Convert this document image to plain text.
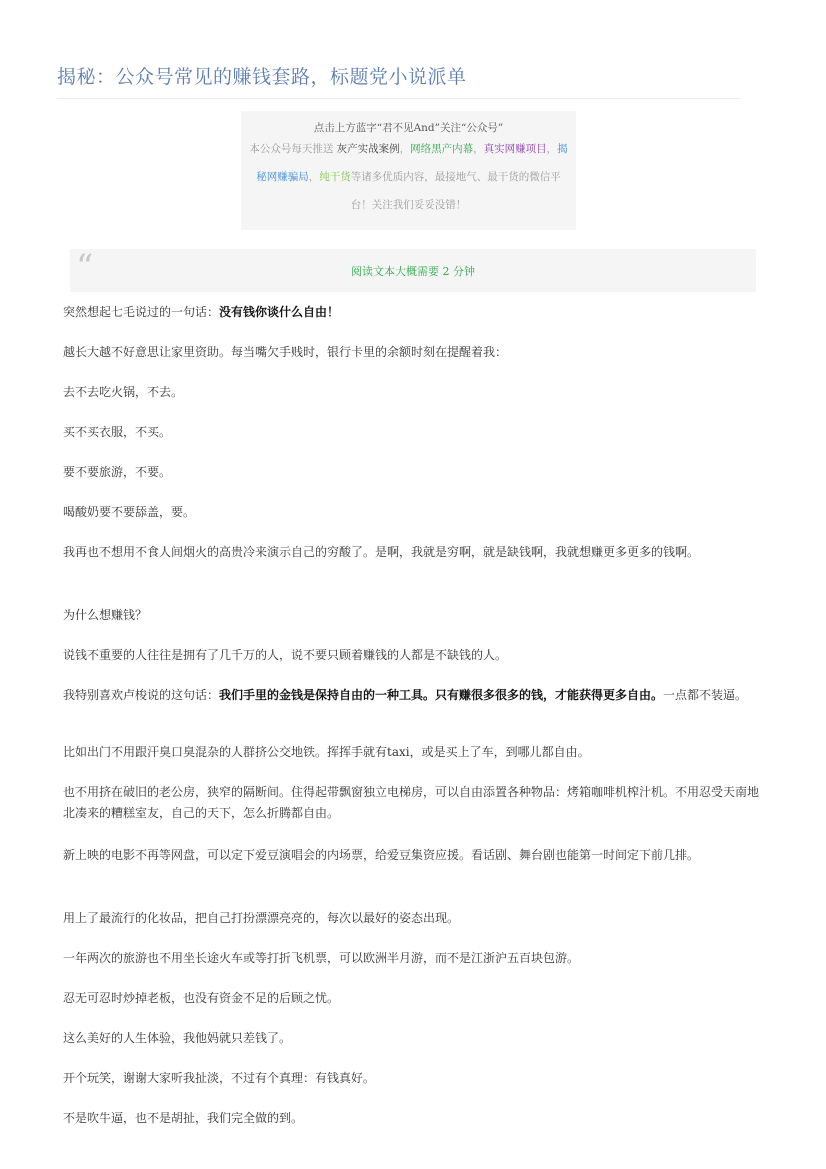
揭秘：公众号常见的赚钱套路，标题党小说派单
点击上方蓝字“君不见And”关注“公众号”
本公众号每天推送 灰产实战案例，网络黑产内幕，真实网赚项目，揭秘网赚骗局，纯干货等诸多优质内容，最接地气、最干货的微信平台！关注我们妥妥没错！
“	阅读文本大概需要 2 分钟
突然想起七毛说过的一句话：没有钱你谈什么自由！
越长大越不好意思让家里资助。每当嘴欠手贱时，银行卡里的余额时刻在提醒着我：
去不去吃火锅，不去。
买不买衣服，不买。
要不要旅游，不要。
喝酸奶要不要舔盖，要。
我再也不想用不食人间烟火的高贵冷来演示自己的穷酸了。是啊，我就是穷啊，就是缺钱啊，我就想赚更多更多的钱啊。
为什么想赚钱？
说钱不重要的人往往是拥有了几千万的人，说不要只顾着赚钱的人都是不缺钱的人。
我特别喜欢卢梭说的这句话：我们手里的金钱是保持自由的一种工具。只有赚很多很多的钱，才能获得更多自由。一点都不装逼。
比如出门不用跟汗臭口臭混杂的人群挤公交地铁。挥挥手就有taxi，或是买上了车，到哪儿都自由。
也不用挤在破旧的老公房，狭窄的隔断间。住得起带飘窗独立电梯房，可以自由添置各种物品：烤箱咖啡机榨汁机。不用忍受天南地北凑来的糟糕室友，自己的天下，怎么折腾都自由。
新上映的电影不再等网盘，可以定下爱豆演唱会的内场票，给爱豆集资应援。看话剧、舞台剧也能第一时间定下前几排。
用上了最流行的化妆品，把自己打扮漂漂亮亮的，每次以最好的姿态出现。
一年两次的旅游也不用坐长途火车或等打折飞机票，可以欧洲半月游，而不是江浙沪五百块包游。
忍无可忍时炒掉老板，也没有资金不足的后顾之忧。
这么美好的人生体验，我他妈就只差钱了。
开个玩笑，谢谢大家听我扯淡，不过有个真理：有钱真好。
不是吹牛逼，也不是胡扯，我们完全做的到。
